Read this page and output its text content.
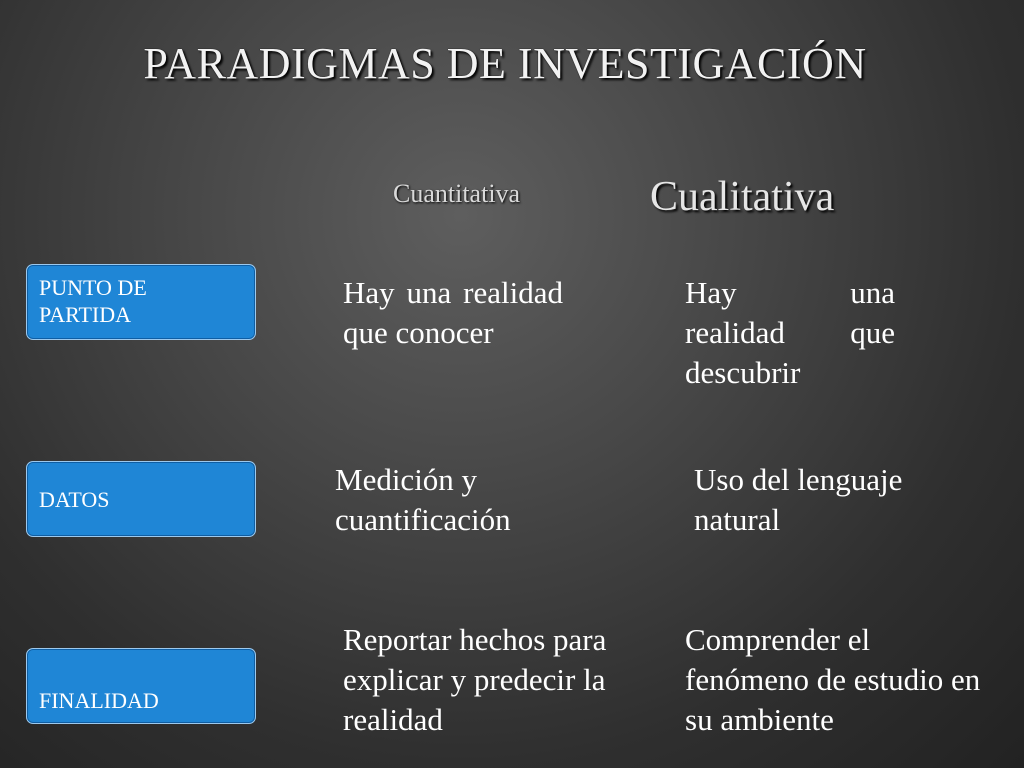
PARADIGMAS DE INVESTIGACIÓN
Cuantitativa	Cualitativa
PUNTO DE PARTIDA
Hay una realidad que conocer
Hay una realidad que descubrir
DATOS
Medición y cuantificación
Uso del lenguaje natural
FINALIDAD
Reportar hechos para explicar y predecir la realidad
Comprender el fenómeno de estudio en su ambiente
